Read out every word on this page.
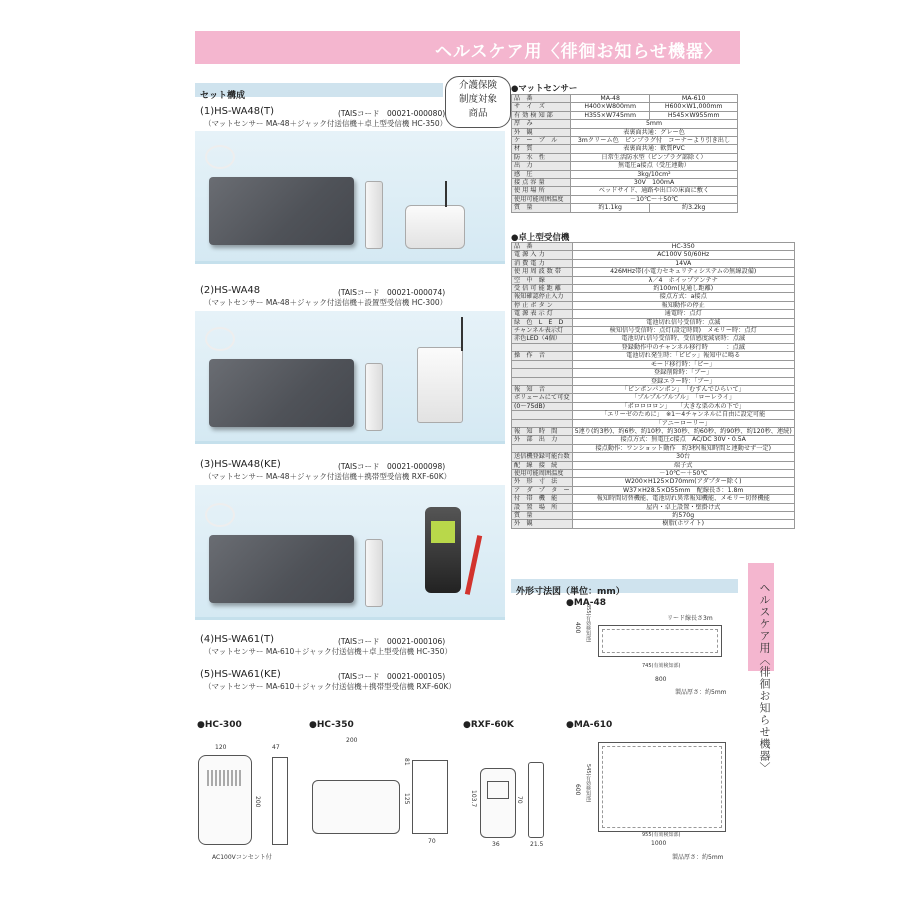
ヘルスケア用〈徘徊お知らせ機器〉
ヘルスケア用〈徘徊お知らせ機器〉
介護保険
制度対象
商品
セット構成
(1)HS-WA48(T)	(TAISコード　00021-000080)
（マットセンサー MA-48＋ジャック付送信機＋卓上型受信機 HC-350）
(2)HS-WA48	(TAISコード　00021-000074)
（マットセンサー MA-48＋ジャック付送信機＋設置型受信機 HC-300）
(3)HS-WA48(KE)	(TAISコード　00021-000098)
（マットセンサー MA-48＋ジャック付送信機＋携帯型受信機 RXF-60K）
(4)HS-WA61(T)	(TAISコード　00021-000106)
（マットセンサー MA-610＋ジャック付送信機＋卓上型受信機 HC-350）
(5)HS-WA61(KE)	(TAISコード　00021-000105)
（マットセンサー MA-610＋ジャック付送信機＋携帯型受信機 RXF-60K）
●マットセンサー
品　番	MA-48	MA-610
サ　イ　ズ	H400×W800mm	H600×W1,000mm
有 効 検 知 部	H355×W745mm	H545×W955mm
厚　み	5mm	
外　観	表裏面共通：グレー色	
ケ　ー　ブ　ル	3mクリーム色　ピンプラグ付　コーナーより引き出し	
材　質	表裏面共通：軟質PVC	
防　水　性	日常生活防水型（ピンプラグ部除く）	
出　力	無電圧a接点（受圧連動）	
感　圧	3kg/10cm²	
接 点 容 量	30V　100mA	
使 用 場 所	ベッドサイド、通路や出口の床面に敷く	
使用可能周囲温度	－10℃～＋50℃	
質　量	約1.1kg	約3.2kg
●卓上型受信機
品　番	HC-350
電 源 入 力	AC100V 50/60Hz
消 費 電 力	14VA
使 用 周 波 数 帯	426MHz帯(小電力セキュリティシステムの無線設備)
空　中　線	λ／4　ホイップアンテナ
受 信 可 能 距 離	約100m(見通し距離)
報知確認停止入力	接点方式：a接点
停 止 ボ タ ン	報知動作の停止
電 源 表 示 灯	通電時：点灯
緑　色　L　E　D	電池切れ信号受信時：点滅
チャンネル表示灯	検知信号受信時：点灯(設定時間)　メモリー時：点灯
赤色LED（4個）	電池切れ信号受信時、受信感度減衰時：点滅
	登録動作中のチャンネル移行時　　　：点滅
操　作　音	電池切れ発生時：「ピピッ」報知中に鳴る
	モード移行時：「ピー」
	登録削除時：「ブー」
	登録エラー時：「ブー」
報　知　音	「ピンポンパンポン」　「むすんでひらいて」
ボリュームにて可変	「プルプルプルプル」　「ローレライ」
(0～75dB)	「ポロロロロン」　　「大きな栗の木の下で」
	「エリーゼのために」　※1～4チャンネルに自由に設定可能
	「アニーローリー」
報　知　時　間	5連り(約3秒)、約6秒、約10秒、約30秒、約60秒、約90秒、約120秒、連続)
外　部　出　力	接点方式：無電圧c接点　AC/DC 30V・0.5A
	接点動作：ワンショット動作　約3秒(報知時間と連動せず一定)
送信機登録可能台数	30台
配　線　接　続	端子式
使用可能周囲温度	－10℃～＋50℃
外　形　寸　法	W200×H125×D70mm(アダプター除く)
ア　ダ　プ　タ　ー	W37×H28.5×D55mm　配線長さ：1.8m
付　帯　機　能	報知時間切替機能、電池切れ異常報知機能、メモリー切替機能
設　置　場　所	屋内・卓上設置・壁掛け式
質　量	約570g
外　観	樹脂(ホワイト)
外形寸法図（単位：mm）
●MA-48
リード線長さ3m
400 355(有効検知部)
745(有効検知部)
800
製品厚さ：約5mm
●HC-300
120	47
200
AC100Vコンセント付
●HC-350
200
125
81
70
●RXF-60K
103.7	70
36	21.5
●MA-610
600 545(有効検知部)
955(有効検知部)
1000
製品厚さ：約5mm
